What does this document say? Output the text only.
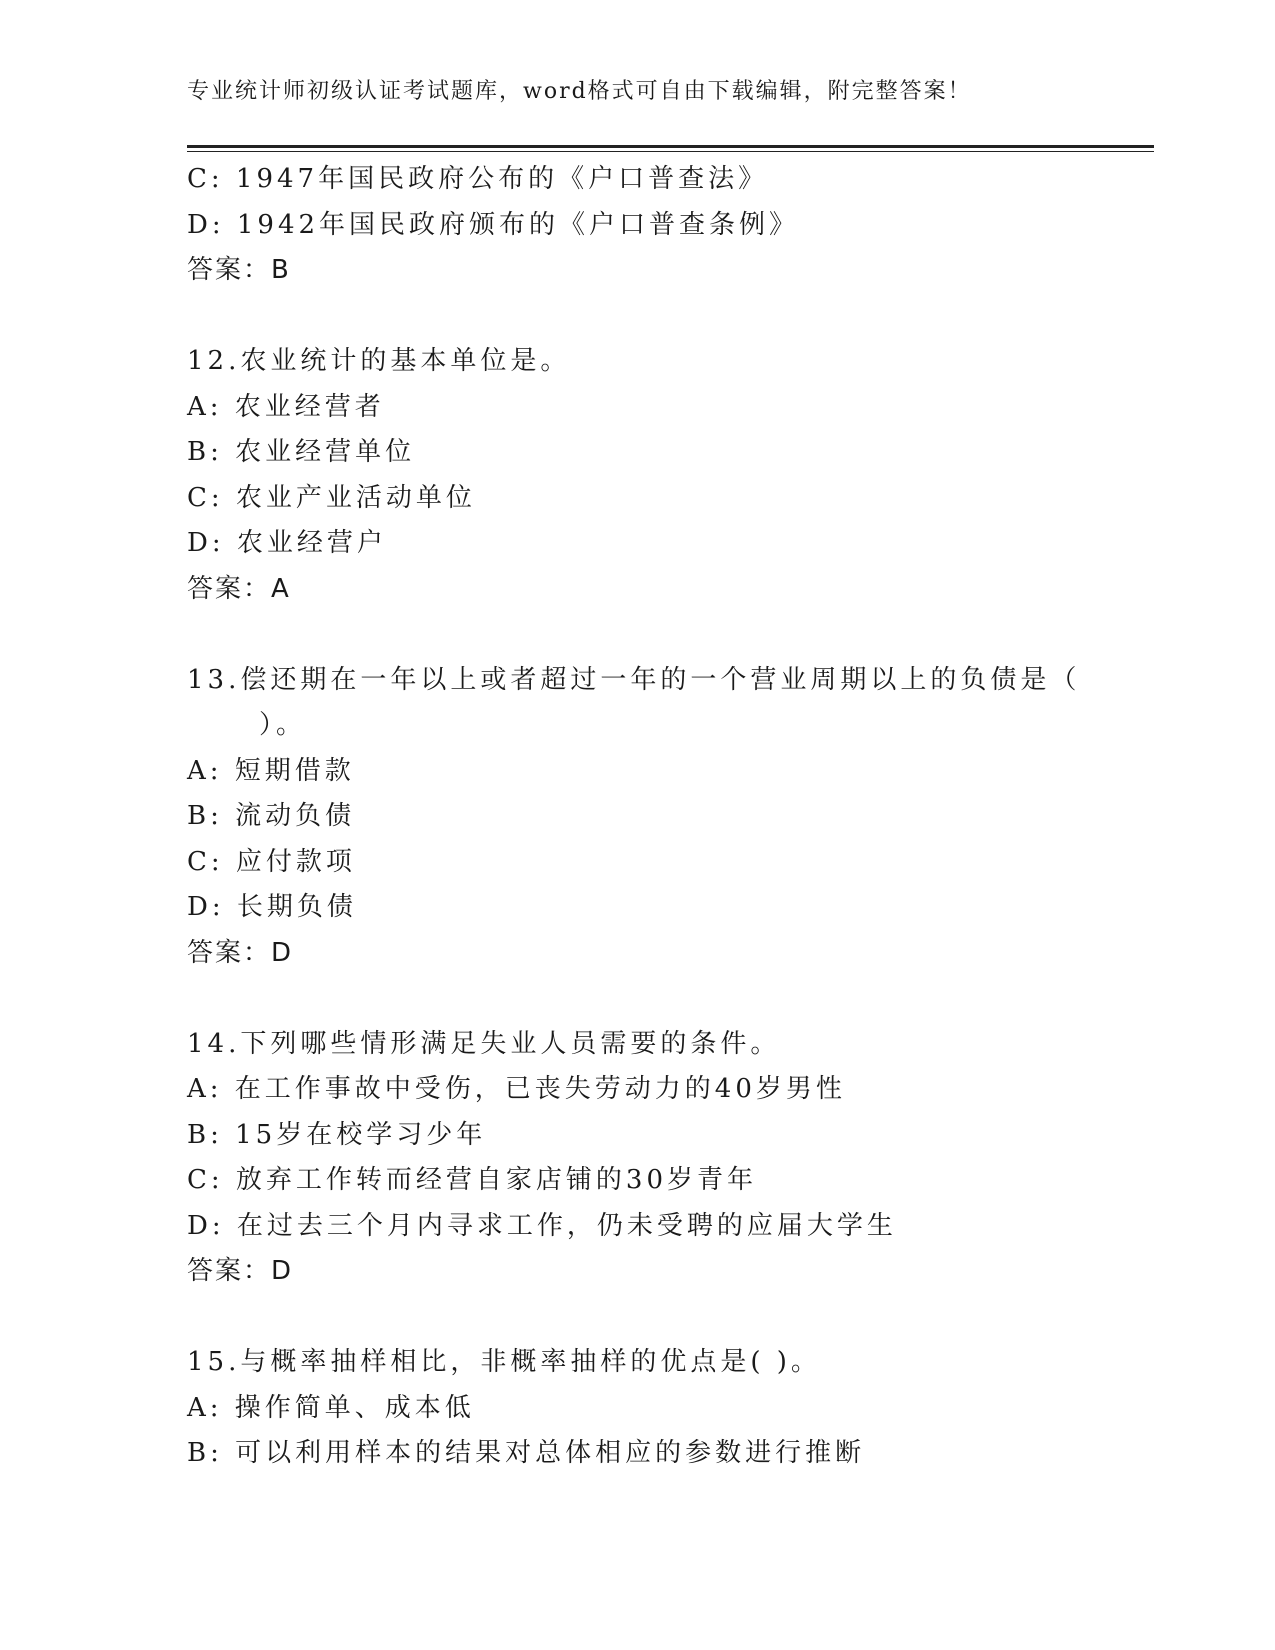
专业统计师初级认证考试题库，word格式可自由下载编辑，附完整答案！
C: 1947年国民政府公布的《户口普查法》
D: 1942年国民政府颁布的《户口普查条例》
答案：B
12.农业统计的基本单位是。
A: 农业经营者
B: 农业经营单位
C: 农业产业活动单位
D: 农业经营户
答案：A
13.偿还期在一年以上或者超过一年的一个营业周期以上的负债是（
）。
A: 短期借款
B: 流动负债
C: 应付款项
D: 长期负债
答案：D
14.下列哪些情形满足失业人员需要的条件。
A: 在工作事故中受伤，已丧失劳动力的40岁男性
B: 15岁在校学习少年
C: 放弃工作转而经营自家店铺的30岁青年
D: 在过去三个月内寻求工作，仍未受聘的应届大学生
答案：D
15.与概率抽样相比，非概率抽样的优点是( )。
A: 操作简单、成本低
B: 可以利用样本的结果对总体相应的参数进行推断
